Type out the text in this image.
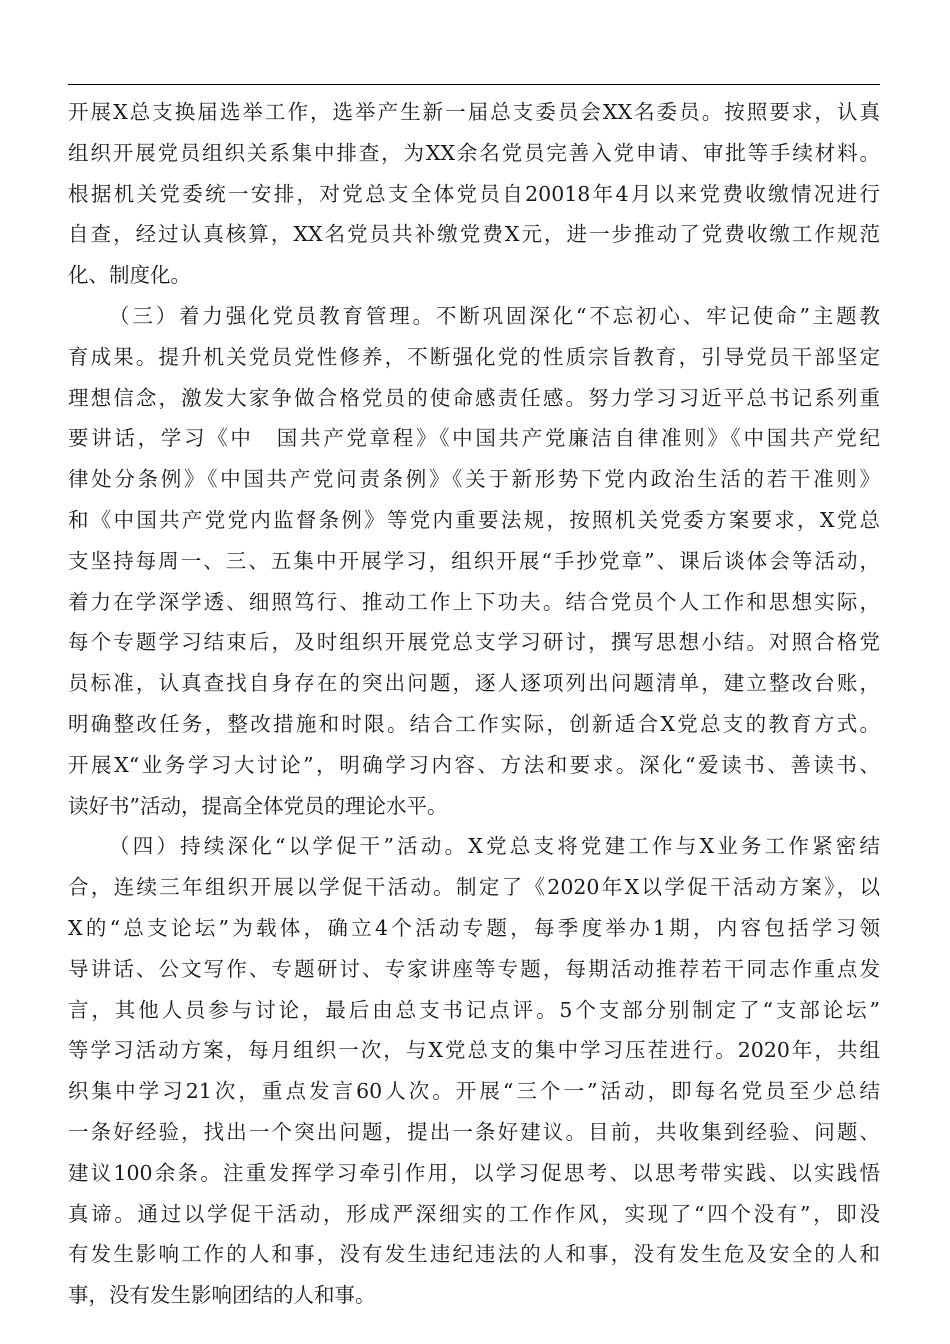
开展X总支换届选举工作，选举产生新一届总支委员会XX名委员。按照要求，认真
组织开展党员组织关系集中排查，为XX余名党员完善入党申请、审批等手续材料。
根据机关党委统一安排，对党总支全体党员自20018年4月以来党费收缴情况进行
自查，经过认真核算，XX名党员共补缴党费X元，进一步推动了党费收缴工作规范
化、制度化。
（三）着力强化党员教育管理。不断巩固深化“不忘初心、牢记使命”主题教
育成果。提升机关党员党性修养，不断强化党的性质宗旨教育，引导党员干部坚定
理想信念，激发大家争做合格党员的使命感责任感。努力学习习近平总书记系列重
要讲话，学习《中　国共产党章程》《中国共产党廉洁自律准则》《中国共产党纪
律处分条例》《中国共产党问责条例》《关于新形势下党内政治生活的若干准则》
和《中国共产党党内监督条例》等党内重要法规，按照机关党委方案要求，X党总
支坚持每周一、三、五集中开展学习，组织开展“手抄党章”、课后谈体会等活动，
着力在学深学透、细照笃行、推动工作上下功夫。结合党员个人工作和思想实际，
每个专题学习结束后，及时组织开展党总支学习研讨，撰写思想小结。对照合格党
员标准，认真查找自身存在的突出问题，逐人逐项列出问题清单，建立整改台账，
明确整改任务，整改措施和时限。结合工作实际，创新适合X党总支的教育方式。
开展X“业务学习大讨论”，明确学习内容、方法和要求。深化“爱读书、善读书、
读好书”活动，提高全体党员的理论水平。
（四）持续深化“以学促干”活动。X党总支将党建工作与X业务工作紧密结
合，连续三年组织开展以学促干活动。制定了《2020年X以学促干活动方案》，以
X的“总支论坛”为载体，确立4个活动专题，每季度举办1期，内容包括学习领
导讲话、公文写作、专题研讨、专家讲座等专题，每期活动推荐若干同志作重点发
言，其他人员参与讨论，最后由总支书记点评。5个支部分别制定了“支部论坛”
等学习活动方案，每月组织一次，与X党总支的集中学习压茬进行。2020年，共组
织集中学习21次，重点发言60人次。开展“三个一”活动，即每名党员至少总结
一条好经验，找出一个突出问题，提出一条好建议。目前，共收集到经验、问题、
建议100余条。注重发挥学习牵引作用，以学习促思考、以思考带实践、以实践悟
真谛。通过以学促干活动，形成严深细实的工作作风，实现了“四个没有”，即没
有发生影响工作的人和事，没有发生违纪违法的人和事，没有发生危及安全的人和
事，没有发生影响团结的人和事。
